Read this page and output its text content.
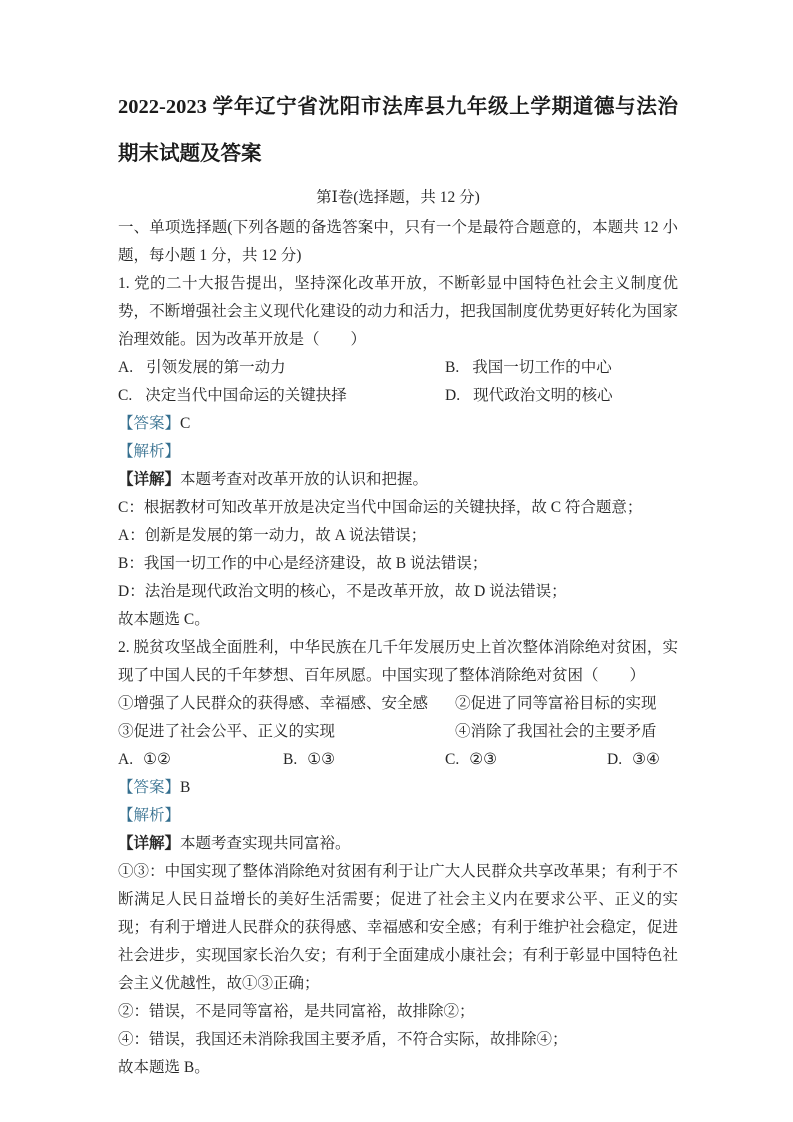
2022-2023 学年辽宁省沈阳市法库县九年级上学期道德与法治期末试题及答案
第Ⅰ卷(选择题，共 12 分)

一、单项选择题(下列各题的备选答案中，只有一个是最符合题意的，本题共 12 小题，每小题 1 分，共 12 分)

1. 党的二十大报告提出，坚持深化改革开放，不断彰显中国特色社会主义制度优势，不断增强社会主义现代化建设的动力和活力，把我国制度优势更好转化为国家治理效能。因为改革开放是（　　）

A. 引领发展的第一动力	B. 我国一切工作的中心
C. 决定当代中国命运的关键抉择	D. 现代政治文明的核心
【答案】C
【解析】
【详解】本题考查对改革开放的认识和把握。

C：根据教材可知改革开放是决定当代中国命运的关键抉择，故 C 符合题意；

A：创新是发展的第一动力，故 A 说法错误；

B：我国一切工作的中心是经济建设，故 B 说法错误；

D：法治是现代政治文明的核心，不是改革开放，故 D 说法错误；

故本题选 C。

2. 脱贫攻坚战全面胜利，中华民族在几千年发展历史上首次整体消除绝对贫困，实现了中国人民的千年梦想、百年夙愿。中国实现了整体消除绝对贫困（　　）

①增强了人民群众的获得感、幸福感、安全感	②促进了同等富裕目标的实现
③促进了社会公平、正义的实现	④消除了我国社会的主要矛盾
A. ①②	B. ①③	C. ②③	D. ③④
【答案】B
【解析】
【详解】本题考查实现共同富裕。

①③：中国实现了整体消除绝对贫困有利于让广大人民群众共享改革果；有利于不断满足人民日益增长的美好生活需要；促进了社会主义内在要求公平、正义的实现；有利于增进人民群众的获得感、幸福感和安全感；有利于维护社会稳定，促进社会进步，实现国家长治久安；有利于全面建成小康社会；有利于彰显中国特色社会主义优越性，故①③正确；

②：错误，不是同等富裕，是共同富裕，故排除②；

④：错误，我国还未消除我国主要矛盾，不符合实际，故排除④；

故本题选 B。
